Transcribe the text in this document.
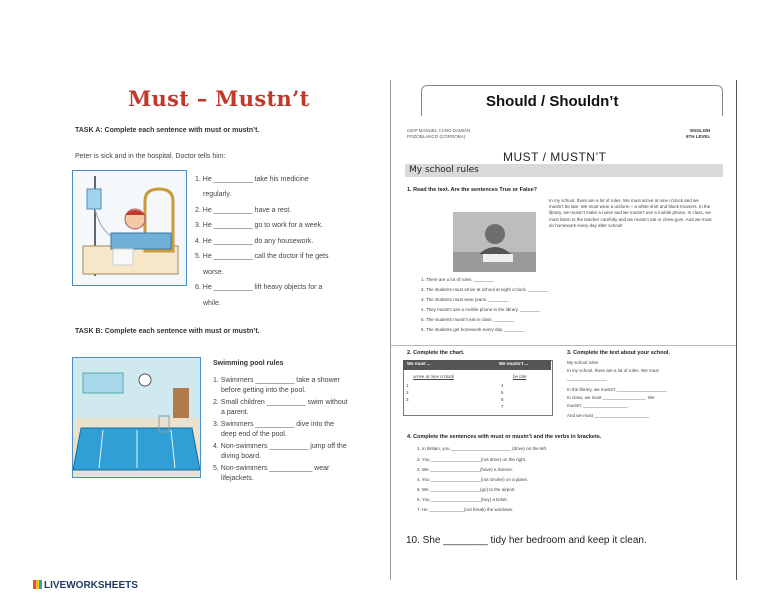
Must – Mustn’t
TASK A: Complete each sentence with must or mustn’t.
Peter is sick and in the hospital. Doctor tells him:
1. He __________ take his medicine
regularly.
2. He __________ have a rest.
3. He __________ go to work for a week.
4. He __________ do any housework.
5. He __________ call the doctor if he gets
worse.
6. He __________ lift heavy objects for a
while.
TASK B: Complete each sentence with must or mustn’t.
Swimming pool rules
1. Swimmers __________ take a shower
before getting into the pool.
2. Small children __________ swim without
a parent.
3. Swimmers __________ dive into the
deep end of the pool.
4. Non-swimmers __________ jump off the
diving board.
5. Non-swimmers ___________ wear
lifejackets.
LIVEWORKSHEETS
Should / Shouldn’t
CEIP MANUEL CANO DAMIÁN
POZOBLANCO (CÓRDOBA)
ENGLISH
6TH LEVEL
MUST / MUSTN’T
My school rules
1. Read the text. Are the sentences True or False?
In my school, there are a lot of rules. We must arrive at nine o’clock and we mustn’t be late. We must wear a uniform – a white shirt and black trousers. In the library, we mustn’t make a noise and we mustn’t use a mobile phone. In class, we must listen to the teacher carefully and we mustn’t eat or chew gum. And we must do homework every day after school!
1. There are a lot of rules. ________
2. The students must arrive at school at eight o’clock. ________
3. The students must wear jeans. ________
4. They mustn’t use a mobile phone in the library. ________
5. The students mustn’t eat in class. ________
6. The students get homework every day. ________
2. Complete the chart.
We must ...	We mustn’t ...
arrive at nine o’clock	be late
1
2
3
4
5
6
7
3. Complete the text about your school.
My school rules
In my school, there are a lot of rules. We must
________________
In the library, we mustn’t ____________________
In class, we must _________________. We
mustn’t __________________.
And we must ______________________
4. Complete the sentences with must or mustn’t and the verbs in brackets.
1. In Britain, you ________________________ (drive) on the left.
2. You ____________________(not drive) on the right.
3. We ____________________(have) a licence.
4. You ____________________(not smoke) on a plane.
5. We ____________________(go) to the airport.
6. You ____________________(buy) a ticket.
7. He ______________(not break) the windows.
10. She ________ tidy her bedroom and keep it clean.
